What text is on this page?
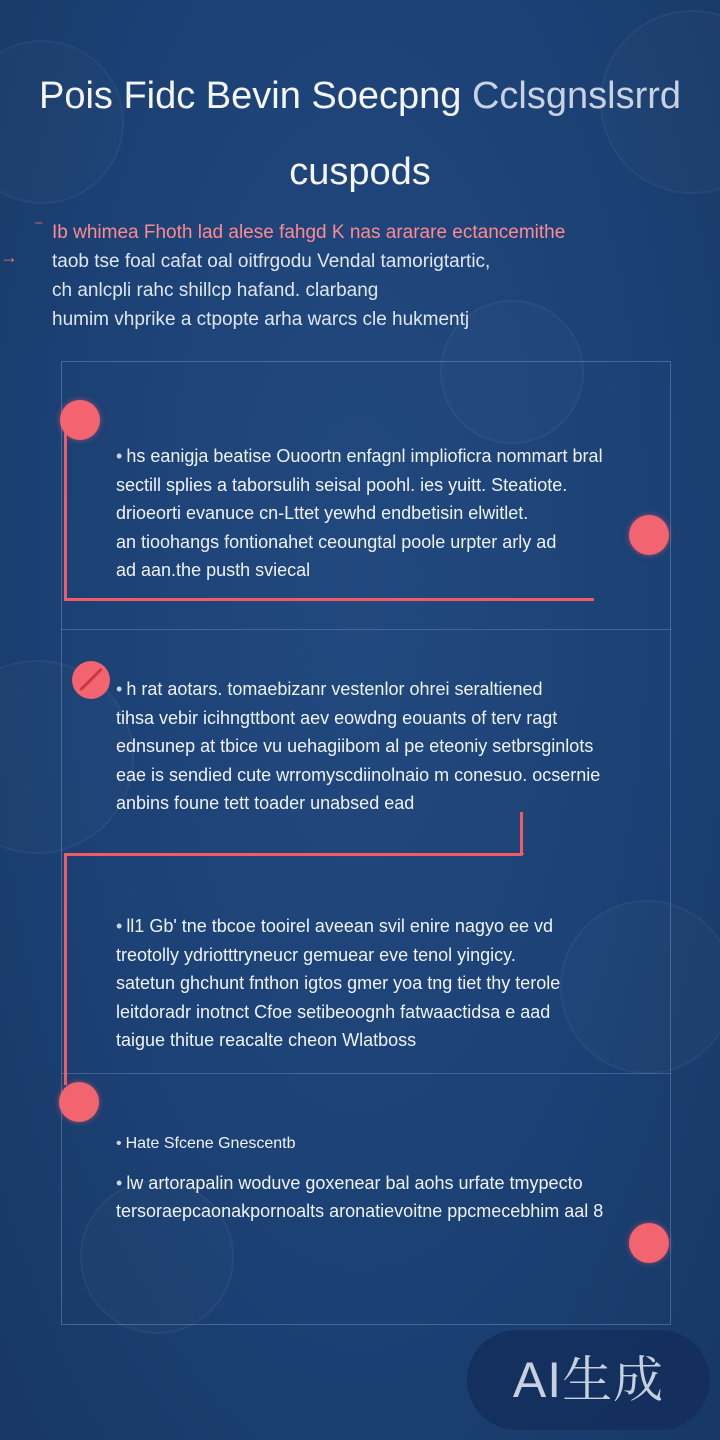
Pois Fidc Bevin Soecpng Cclsgnslsrrd
cuspods
⁻
→
Ib whimea Fhoth lad alese fahgd K nas ararare ectancemithe
taob tse foal cafat oal oitfrgodu Vendal tamorigtartic,
ch anlcpli rahc shillcp hafand. clarbang
humim vhprike a ctpopte arha warcs cle hukmentj

• hs eanigja beatise Ouoortn enfagnl implioficra nommart bral

sectill splies a taborsulih seisal poohl. ies yuitt. Steatiote.

drioeorti evanuce cn-Lttet yewhd endbetisin elwitlet.

an tioohangs fontionahet ceoungtal poole urpter arly ad

ad aan.the pusth sviecal

• h rat aotars. tomaebizanr vestenlor ohrei seraltiened

tihsa vebir icihngttbont aev eowdng eouants of terv ragt

ednsunep at tbice vu uehagiibom al pe eteoniy setbrsginlots

eae is sendied cute wrromyscdiinolnaio m conesuo. ocsernie

anbins foune tett toader unabsed ead

• ll1 Gb' tne tbcoe tooirel aveean svil enire nagyo ee vd

treotolly ydriotttryneucr gemuear eve tenol yingicy.

satetun ghchunt fnthon igtos gmer yoa tng tiet thy terole

leitdoradr inotnct Cfoe setibeoognh fatwaactidsa e aad

taigue thitue reacalte cheon Wlatboss

• Hate Sfcene Gnescentb

• lw artorapalin woduve goxenear bal aohs urfate tmypecto

tersoraepcaonakpornoalts aronatievoitne ppcmecebhim aal 8

AI生成
